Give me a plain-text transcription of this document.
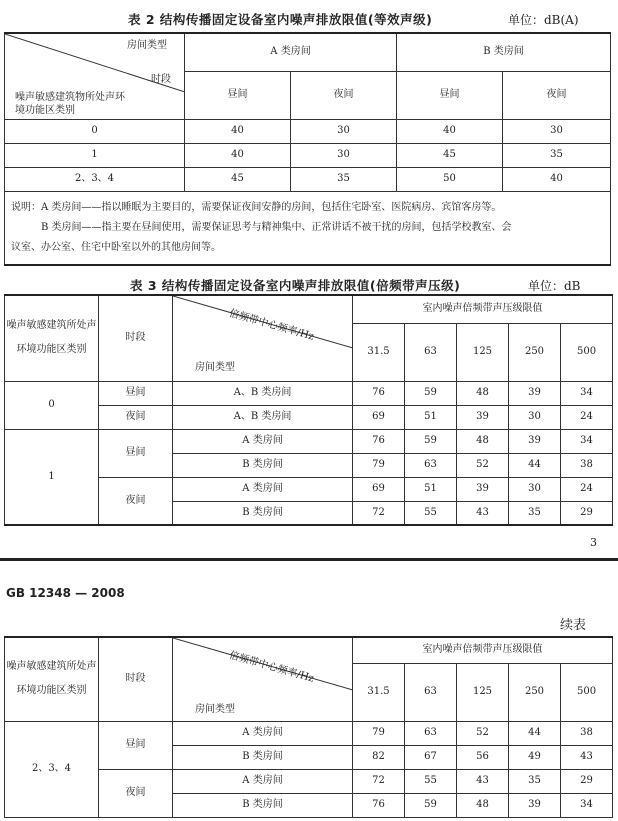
表 2 结构传播固定设备室内噪声排放限值(等效声级)	单位：dB(A)
房间类型
时段
噪声敏感建筑物所处声环境功能区类别	A 类房间		B 类房间	
	昼间	夜间	昼间	夜间
0	40	30	40	30
1	40	30	45	35
2、3、4	45	35	50	40

说明：A 类房间——指以睡眠为主要目的，需要保证夜间安静的房间，包括住宅卧室、医院病房、宾馆客房等。
B 类房间——指主要在昼间使用，需要保证思考与精神集中、正常讲话不被干扰的房间，包括学校教室、会
议室、办公室、住宅中卧室以外的其他房间等。				
表 3 结构传播固定设备室内噪声排放限值(倍频带声压级)	单位：dB
噪声敏感建筑所处声环境功能区类别	时段	倍频带中心频率/Hz
房间类型	室内噪声倍频带声压级限值				
			31.5	63	125	250	500
0	昼间	A、B 类房间	76	59	48	39	34
	夜间	A、B 类房间	69	51	39	30	24
1	昼间	A 类房间	76	59	48	39	34
		B 类房间	79	63	52	44	38
	夜间	A 类房间	69	51	39	30	24
		B 类房间	72	55	43	35	29
3
GB 12348 — 2008
续表
噪声敏感建筑所处声环境功能区类别	时段	倍频带中心频率/Hz
房间类型	室内噪声倍频带声压级限值				
			31.5	63	125	250	500
2、3、4	昼间	A 类房间	79	63	52	44	38
		B 类房间	82	67	56	49	43
	夜间	A 类房间	72	55	43	35	29
		B 类房间	76	59	48	39	34
